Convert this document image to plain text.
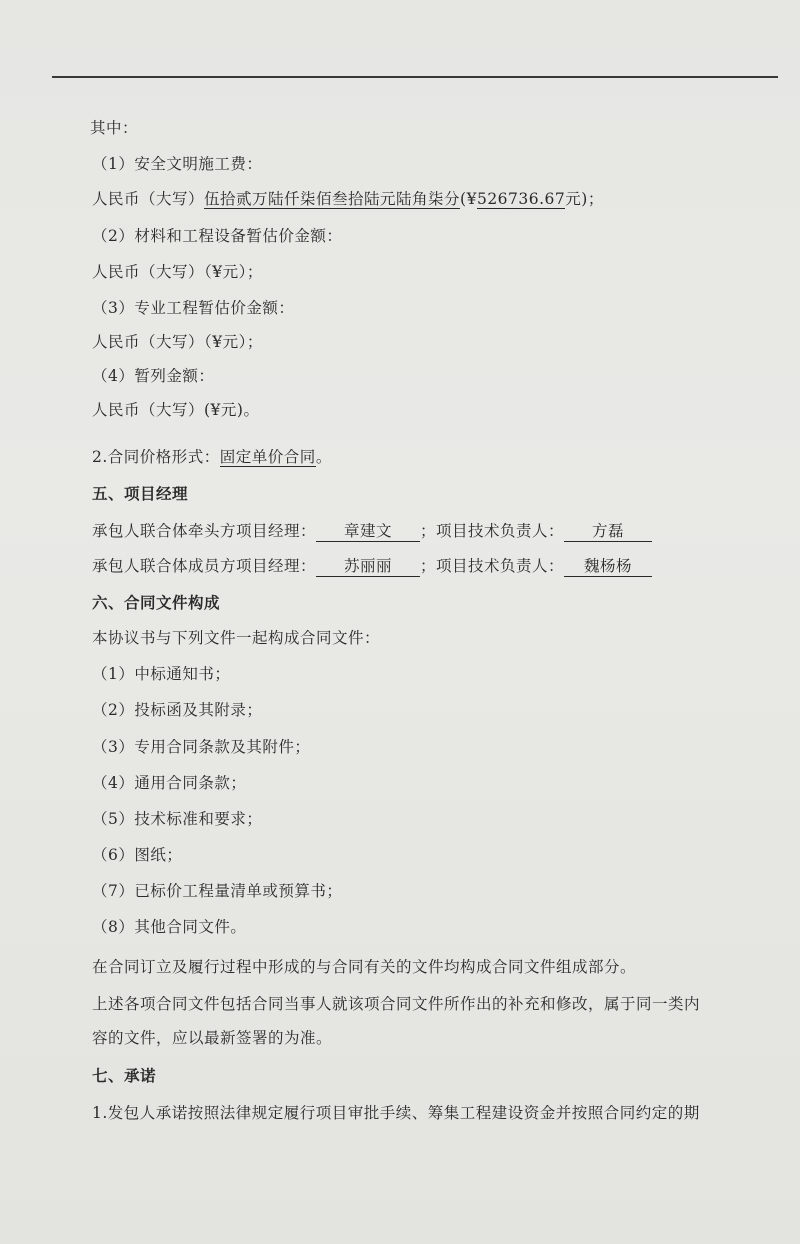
其中：
（1）安全文明施工费：
人民币（大写）伍拾贰万陆仟柒佰叁拾陆元陆角柒分(¥526736.67元)；
（2）材料和工程设备暂估价金额：
人民币（大写）（¥元）；
（3）专业工程暂估价金额：
人民币（大写）（¥元）；
（4）暂列金额：
人民币（大写）(¥元)。
2.合同价格形式：固定单价合同。
五、项目经理
承包人联合体牵头方项目经理： 章建文 ；项目技术负责人： 方磊
承包人联合体成员方项目经理： 苏丽丽 ；项目技术负责人： 魏杨杨
六、合同文件构成
本协议书与下列文件一起构成合同文件：
（1）中标通知书；
（2）投标函及其附录；
（3）专用合同条款及其附件；
（4）通用合同条款；
（5）技术标准和要求；
（6）图纸；
（7）已标价工程量清单或预算书；
（8）其他合同文件。
在合同订立及履行过程中形成的与合同有关的文件均构成合同文件组成部分。
上述各项合同文件包括合同当事人就该项合同文件所作出的补充和修改，属于同一类内
容的文件，应以最新签署的为准。
七、承诺
1.发包人承诺按照法律规定履行项目审批手续、筹集工程建设资金并按照合同约定的期
